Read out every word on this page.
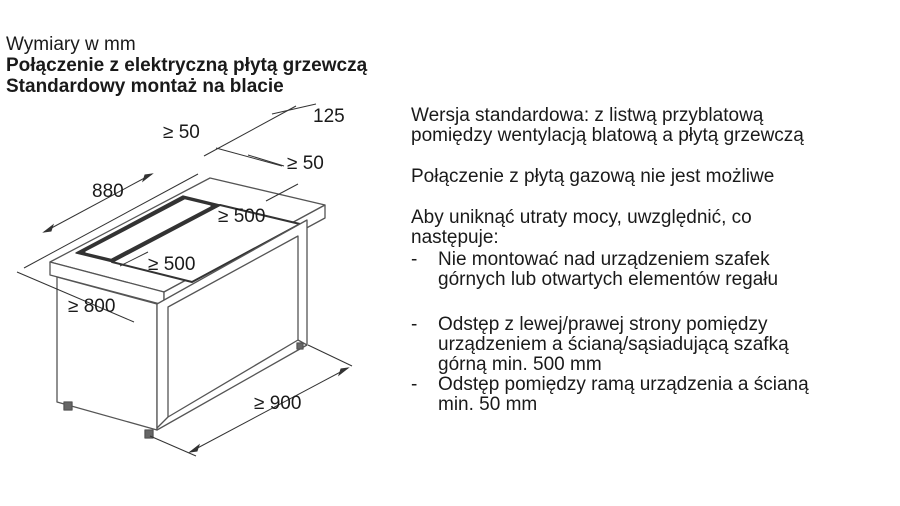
Wymiary w mm
Połączenie z elektryczną płytą grzewczą
Standardowy montaż na blacie
125
≥ 50
≥ 50
880
≥ 500
≥ 500
≥ 800
≥ 900
Wersja standardowa: z listwą przyblatową
pomiędzy wentylacją blatową a płytą grzewczą
Połączenie z płytą gazową nie jest możliwe
Aby uniknąć utraty mocy, uwzględnić, co
następuje:
- Nie montować nad urządzeniem szafek
górnych lub otwartych elementów regału
- Odstęp z lewej/prawej strony pomiędzy
urządzeniem a ścianą/sąsiadującą szafką
górną min. 500 mm
- Odstęp pomiędzy ramą urządzenia a ścianą
min. 50 mm
